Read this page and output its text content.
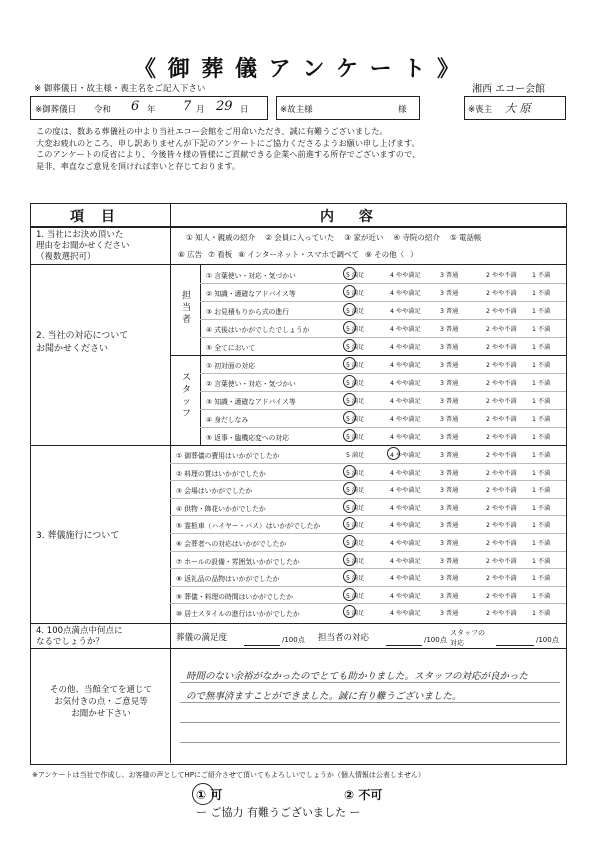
《 御 葬 儀 ア ン ケ ー ト 》
※ 御葬儀日・故主様・喪主名をご記入下さい	湘西 エコー会館
※御葬儀日 令和 6 年 7 月 29 日	※故主様	様	※喪主 大 原
この度は、数ある葬儀社の中より当社エコー会館をご用命いただき、誠に有難うございました。
大変お疲れのところ、申し訳ありませんが下記のアンケートにご協力くださるようお願い申し上げます。
このアンケートの反省により、今後皆々様の皆様にご貢献できる企業へ前進する所存でございますので、
是非、率直なご意見を頂ければ幸いと存じております。
項 目	内 容
1. 当社にお決め頂いた
理由をお聞かせください
（複数選択可）
① 知人・親戚の紹介 ② 会員に入っていた ③ 家が近い ④ 寺院の紹介 ⑤ 電話帳
⑥ 広告 ⑦ 看板 ⑧ インターネット・スマホで調べて ⑨ その他（ ）
2. 当社の対応について
お聞かせください
担当者
スタッフ
① 言葉使い・対応・気づかい	5 満足	4 やや満足	3 普通	2 やや不満 1 不満
② 知識・適確なアドバイス等	5 満足	4 やや満足	3 普通	2 やや不満 1 不満
③ お見積もりから式の進行	5 満足	4 やや満足	3 普通	2 やや不満 1 不満
④ 式後はいかがでしたでしょうか	5 満足	4 やや満足	3 普通	2 やや不満 1 不満
⑤ 全てにおいて	5 満足	4 やや満足	3 普通	2 やや不満 1 不満
① 初対面の対応	5 満足	4 やや満足	3 普通	2 やや不満 1 不満
② 言葉使い・対応・気づかい	5 満足	4 やや満足	3 普通	2 やや不満 1 不満
③ 知識・適確なアドバイス等	5 満足	4 やや満足	3 普通	2 やや不満 1 不満
④ 身だしなみ	5 満足	4 やや満足	3 普通	2 やや不満 1 不満
⑤ 返事・臨機応変への対応	5 満足	4 やや満足	3 普通	2 やや不満 1 不満
3. 葬儀施行について
① 御葬儀の費用はいかがでしたか	5 満足	4 やや満足	3 普通	2 やや不満 1 不満
② 料理の質はいかがでしたか	5 満足	4 やや満足	3 普通	2 やや不満 1 不満
③ 会場はいかがでしたか	5 満足	4 やや満足	3 普通	2 やや不満 1 不満
④ 供物・飾花いかがでしたか	5 満足	4 やや満足	3 普通	2 やや不満 1 不満
⑤ 霊柩車（ハイヤー・バス）はいかがでしたか	5 満足	4 やや満足	3 普通	2 やや不満 1 不満
⑥ 会葬者への対応はいかがでしたか	5 満足	4 やや満足	3 普通	2 やや不満 1 不満
⑦ ホールの設備・雰囲気いかがでしたか	5 満足	4 やや満足	3 普通	2 やや不満 1 不満
⑧ 返礼品の品物はいかがでしたか	5 満足	4 やや満足	3 普通	2 やや不満 1 不満
⑨ 葬儀・料理の時間はいかがでしたか	5 満足	4 やや満足	3 普通	2 やや不満 1 不満
⑩ 居士スタイルの進行はいかがでしたか	5 満足	4 やや満足	3 普通	2 やや不満 1 不満
4. 100点満点中何点に
なるでしょうか？	葬儀の満足度	/100点 担当者の対応	/100点
スタッフの対応	/100点
その他、当館全てを通じて
お気付きの点・ご意見等
お聞かせ下さい
時間のない余裕がなかったのでとても助かりました。スタッフの対応が良かった
ので無事済ますことができました。誠に有り難うございました。
※アンケートは当社で作成し、お客様の声としてHPにご紹介させて頂いてもよろしいでしょうか（個人情報は公表しません）
① 可	② 不可
ー ご協力 有難うございました ー
